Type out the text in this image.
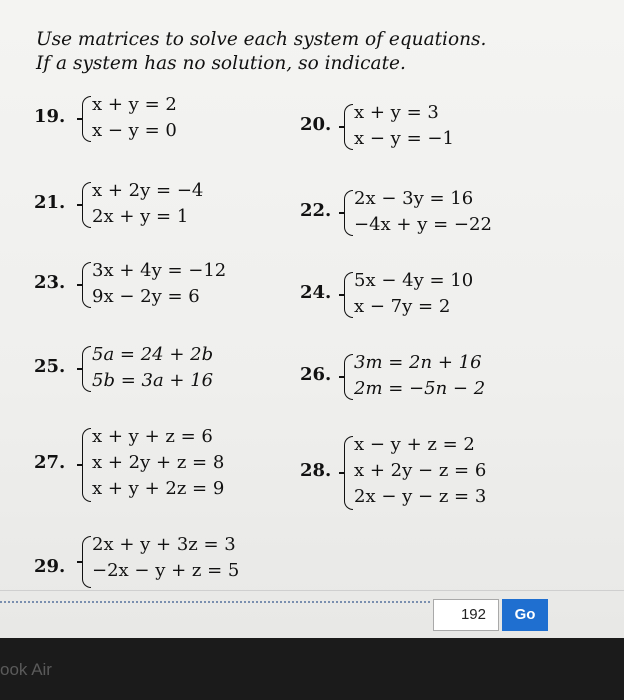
Use matrices to solve each system of equations. If a system has no solution, so indicate.
19.
x + y = 2
x − y = 0	20.
x + y = 3
x − y = −1
21.
x + 2y = −4
2x + y = 1	22.
2x − 3y = 16
−4x + y = −22
23.
3x + 4y = −12
9x − 2y = 6	24.
5x − 4y = 10
x − 7y = 2
25.
5a = 24 + 2b
5b = 3a + 16	26.
3m = 2n + 16
2m = −5n − 2
27.
x + y + z = 6
x + 2y + z = 8
x + y + 2z = 9
28.
x − y + z = 2
x + 2y − z = 6
2x − y − z = 3
29.
2x + y + 3z = 3
−2x − y + z = 5
192	Go
ook Air
